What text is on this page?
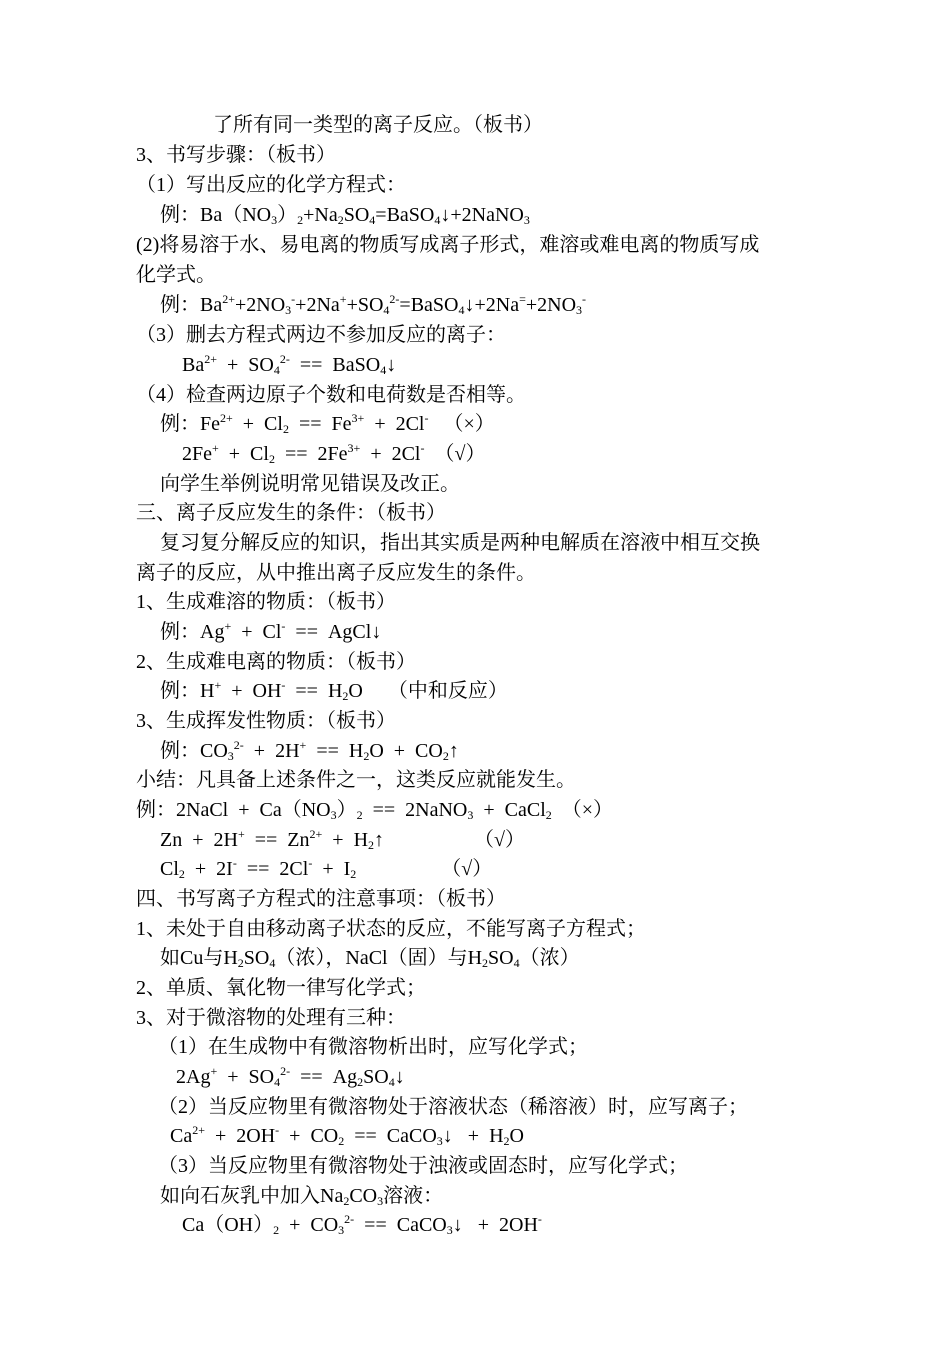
了所有同一类型的离子反应。（板书）
3、书写步骤：（板书）
（1）写出反应的化学方程式：
例：$Ba(NO_3)_2+Na_2SO_4=BaSO_4↓+2NaNO_3$
(2)将易溶于水、易电离的物质写成离子形式，难溶或难电离的物质写成
化学式。
例：$Ba^{2+}+2NO_3^-+2Na^++SO_4^{2-}=BaSO_4↓+2Na^=+2NO_3^-$
（3）删去方程式两边不参加反应的离子：
$Ba^{2+} + SO_4^{2-}$  ==  BaSO$_4$↓
（4）检查两边原子个数和电荷数是否相等。
例：$Fe^{2+} + Cl_2 == Fe^{3+} + 2Cl^-$   （×）
$2Fe^+ + Cl_2 == 2Fe^{3+} + 2Cl^-$  （√）
向学生举例说明常见错误及改正。
三、离子反应发生的条件：（板书）
复习复分解反应的知识，指出其实质是两种电解质在溶液中相互交换
离子的反应，从中推出离子反应发生的条件。
1、生成难溶的物质：（板书）
例：Ag+  +  Cl-  ==  AgCl↓
2、生成难电离的物质：（板书）
例：$H^+ + OH^- == H_2O$     （中和反应）
3、生成挥发性物质：（板书）
例：$CO_3^{2-} + 2H^+ == H_2O$  +  $CO_2↑$
小结：凡具备上述条件之一，这类反应就能发生。
例：2NaCl  +  $Ca(NO_3)_2$  ==  2NaNO$_3$  +  CaCl$_2$  （×）
$Zn + 2H^+ == Zn^{2+}$  +  $H_2↑$                  （√）
$Cl_2 + 2I^- == 2Cl^- + I_2$                 （√）
四、书写离子方程式的注意事项：（板书）
1、未处于自由移动离子状态的反应，不能写离子方程式；
如Cu与$H_2SO_4$（浓），NaCl（固）与$H_2SO_4$（浓）
2、单质、氧化物一律写化学式；
3、对于微溶物的处理有三种：
（1）在生成物中有微溶物析出时，应写化学式；
$2Ag^+ + SO_4^{2-}$  ==  $Ag_2SO_4↓$
（2）当反应物里有微溶物处于溶液状态（稀溶液）时，应写离子；
$Ca^{2+} + 2OH^- + CO_2$  ==  CaCO$_3$↓   +  $H_2O$
（3）当反应物里有微溶物处于浊液或固态时，应写化学式；
如向石灰乳中加入$Na_2CO_3$溶液：
$Ca(OH)_2 + CO_3^{2-}$  ==  CaCO$_3$↓   +  2OH-
